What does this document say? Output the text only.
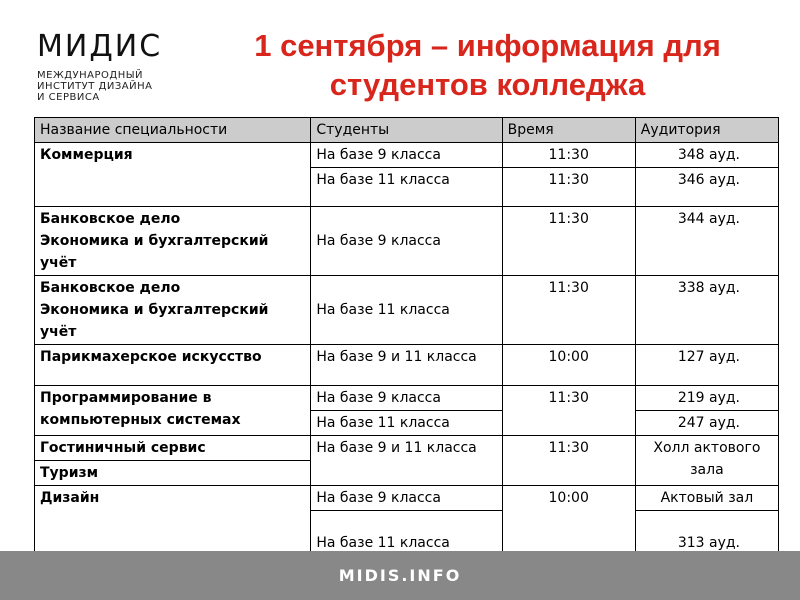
МИДИС
МЕЖДУНАРОДНЫЙ
ИНСТИТУТ ДИЗАЙНА
И СЕРВИСА
1 сентября – информация для студентов колледжа
Название специальности	Студенты	Время	Аудитория
Коммерция	На базе 9 класса	11:30	348 ауд.
	На базе 11 класса	11:30	346 ауд.

Банковское дело
Экономика и бухгалтерский учёт	На базе 9 класса	11:30	344 ауд.

Банковское дело
Экономика и бухгалтерский учёт	На базе 11 класса	11:30	338 ауд.
Парикмахерское искусство	На базе 9 и 11 класса	10:00	127 ауд.
Программирование в компьютерных системах	На базе 9 класса	11:30	219 ауд.
	На базе 11 класса		247 ауд.
Гостиничный сервис	На базе 9 и 11 класса	11:30	Холл актового зала
Туризм			
Дизайн	На базе 9 класса	10:00	Актовый зал
	На базе 11 класса		313 ауд.
MIDIS.INFO
